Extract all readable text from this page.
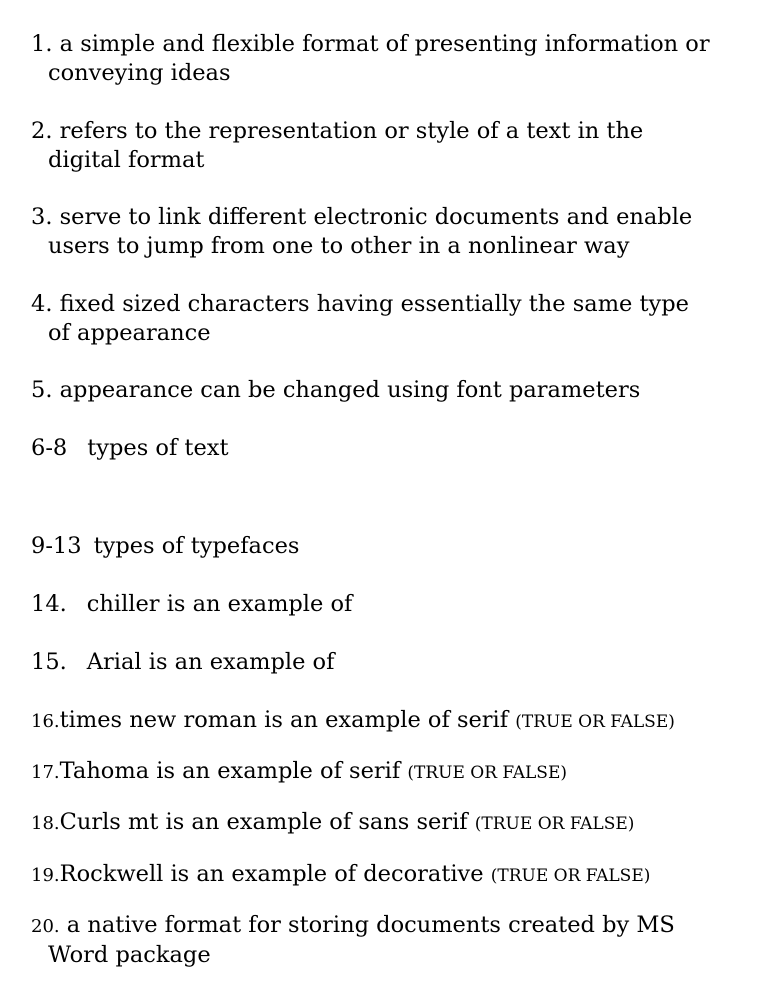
1. a simple and flexible format of presenting information or
conveying ideas
2. refers to the representation or style of a text in the
digital format
3. serve to link different electronic documents and enable
users to jump from one to other in a nonlinear way
4. fixed sized characters having essentially the same type
of appearance
5. appearance can be changed using font parameters
6-8 types of text
9-13 types of typefaces
14. chiller is an example of
15. Arial is an example of
16.times new roman is an example of serif (TRUE OR FALSE)
17.Tahoma is an example of serif (TRUE OR FALSE)
18.Curls mt is an example of sans serif (TRUE OR FALSE)
19.Rockwell is an example of decorative (TRUE OR FALSE)
20. a native format for storing documents created by MS
Word package
